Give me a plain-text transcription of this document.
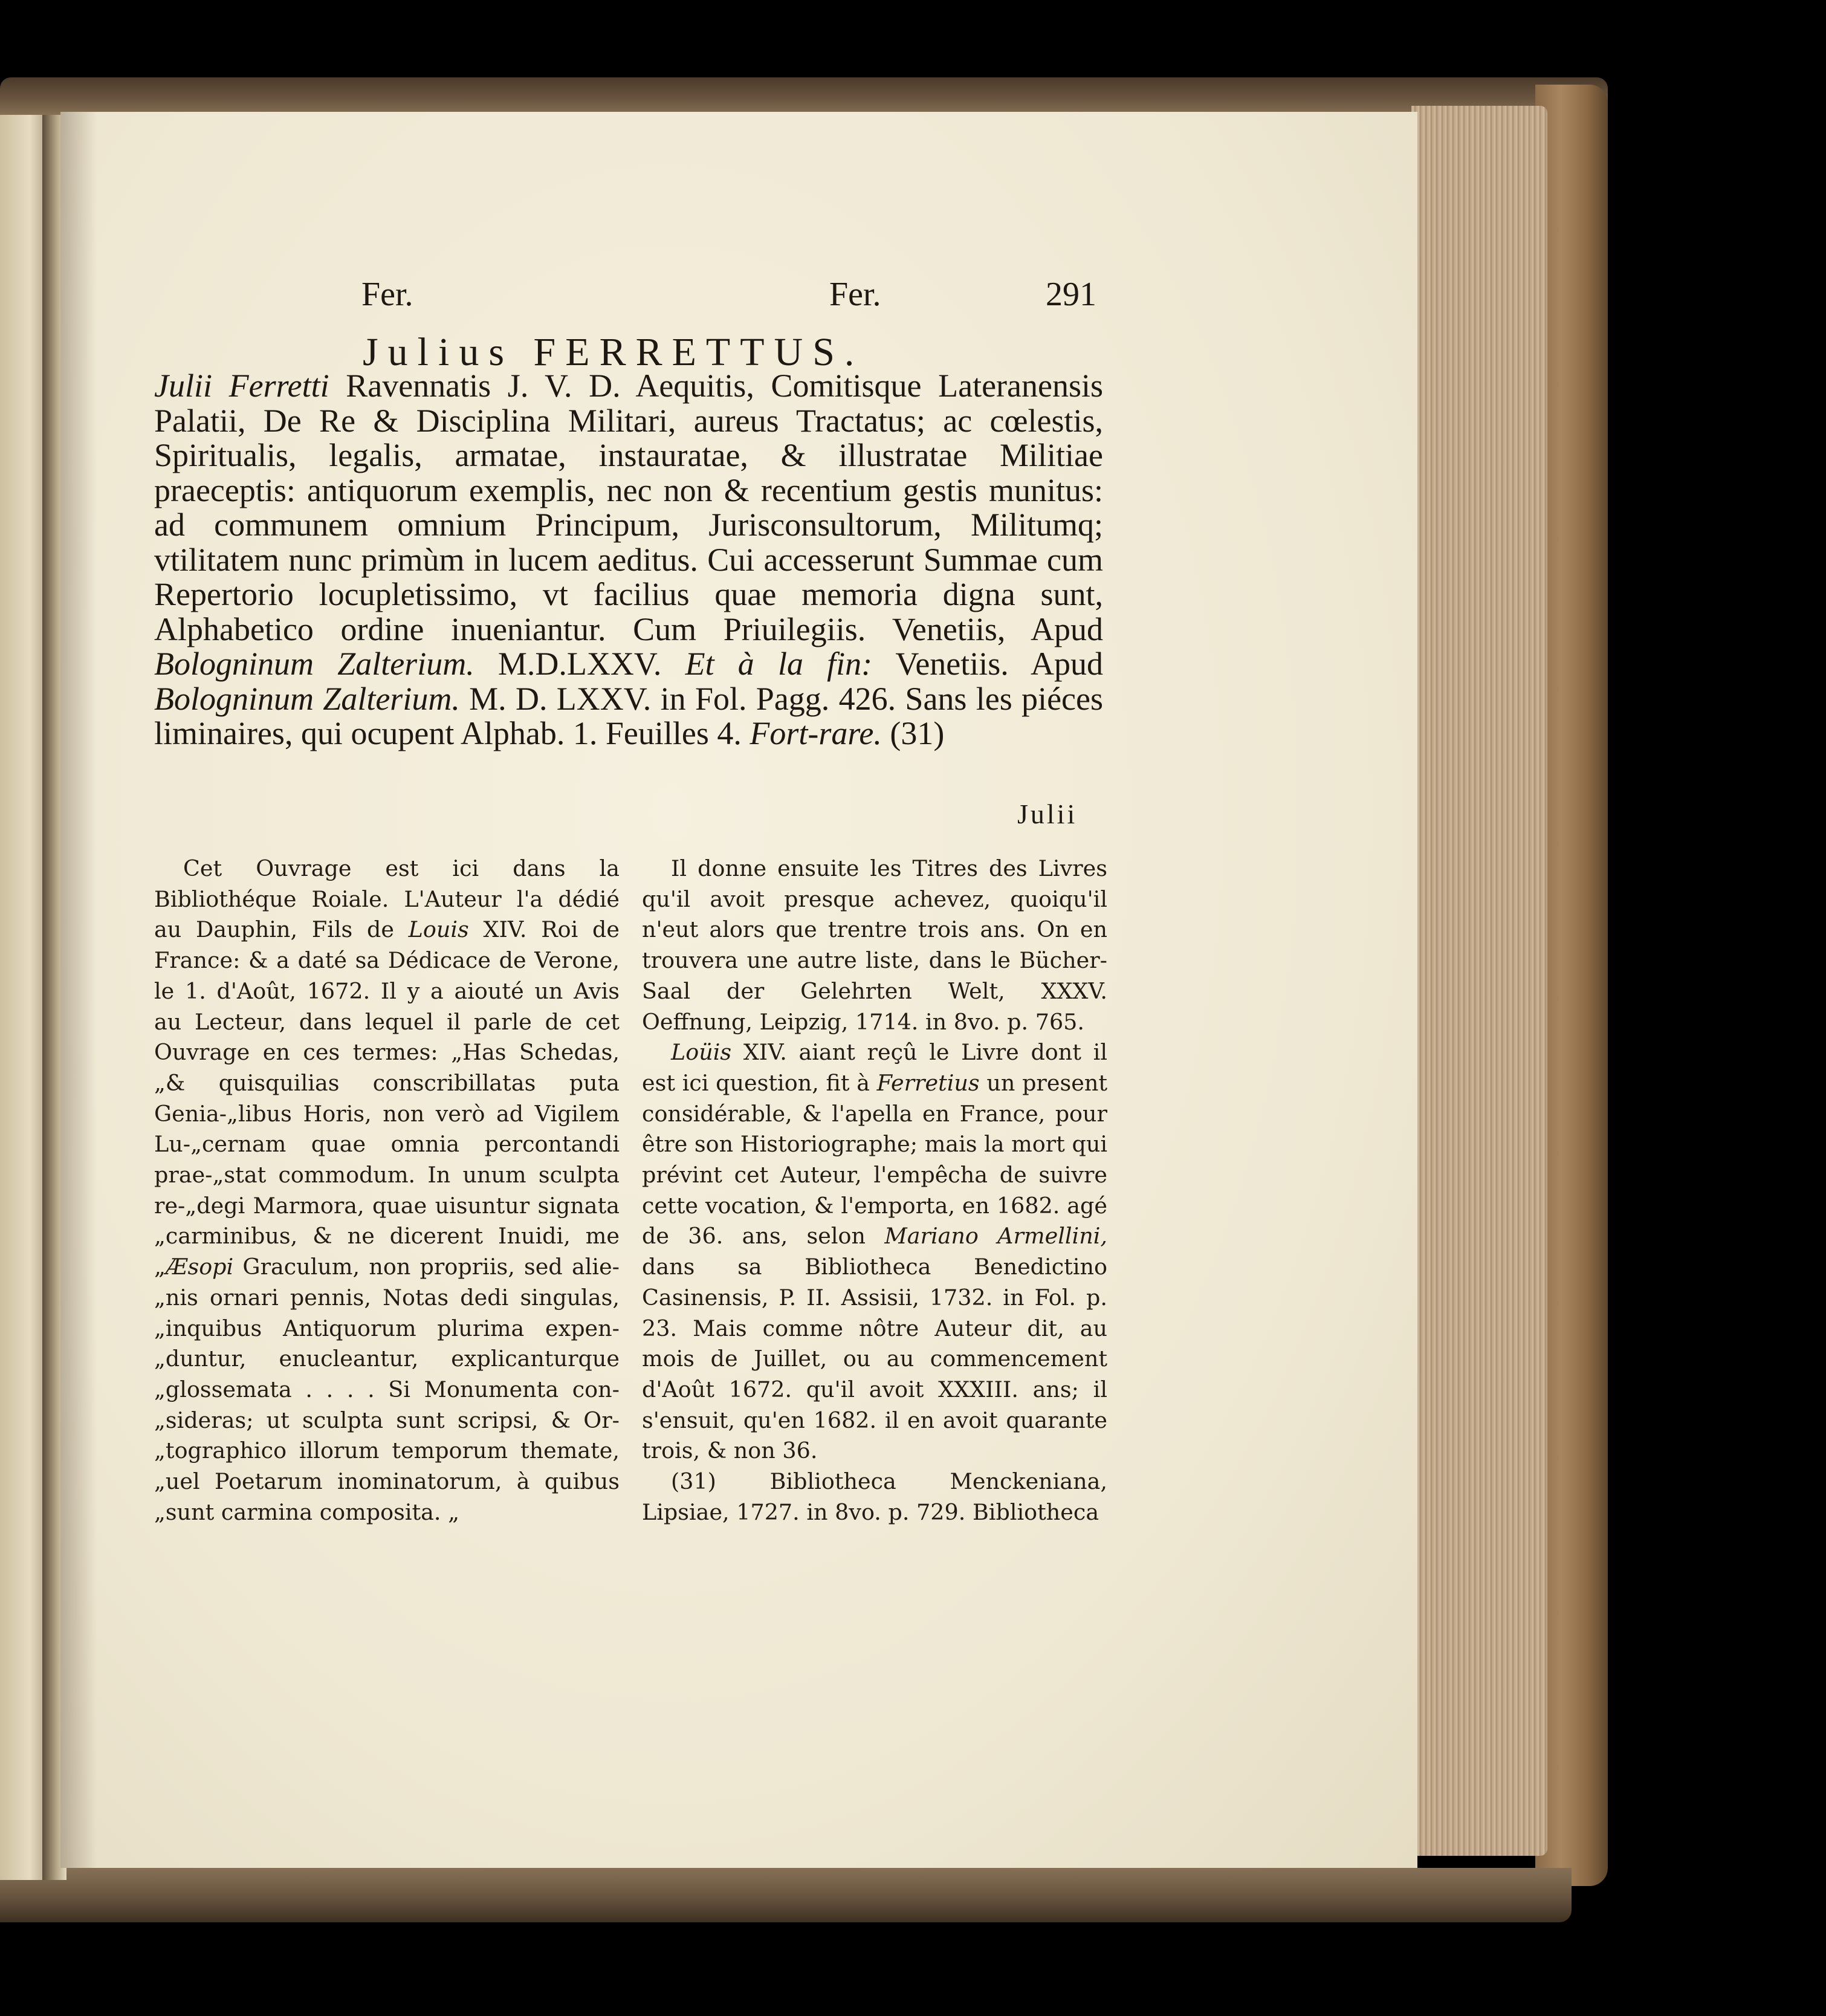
Fer.	Fer.	291
Julius FERRETTUS.
Julii Ferretti Ravennatis J. V. D. Aequitis, Comitisque Lateranensis Palatii, De Re & Disciplina Militari, aureus Tractatus; ac cœlestis, Spiritualis, legalis, armatae, instauratae, & illustratae Militiae praeceptis: antiquorum exemplis, nec non & recentium gestis munitus: ad communem omnium Principum, Jurisconsultorum, Militumq; vtilitatem nunc primùm in lucem aeditus. Cui accesserunt Summae cum Repertorio locupletissimo, vt facilius quae memoria digna sunt, Alphabetico ordine inueniantur. Cum Priuilegiis. Venetiis, Apud Bologninum Zalterium. M.D.LXXV. Et à la fin: Venetiis. Apud Bologninum Zalterium. M. D. LXXV. in Fol. Pagg. 426. Sans les piéces liminaires, qui ocupent Alphab. 1. Feuilles 4. Fort-rare. (31)
Julii

Cet Ouvrage est ici dans la Bibliothéque Roiale. L'Auteur l'a dédié au Dauphin, Fils de Louis XIV. Roi de France: & a daté sa Dédicace de Verone, le 1. d'Août, 1672. Il y a aiouté un Avis au Lecteur, dans lequel il parle de cet Ouvrage en ces termes: „Has Schedas, „& quisquilias conscribillatas puta Genia-„libus Horis, non verò ad Vigilem Lu-„cernam quae omnia percontandi prae-„stat commodum. In unum sculpta re-„degi Marmora, quae uisuntur signata „carminibus, & ne dicerent Inuidi, me „Æsopi Graculum, non propriis, sed alie-„nis ornari pennis, Notas dedi singulas, „inquibus Antiquorum plurima expen-„duntur, enucleantur, explicanturque „glossemata . . . . Si Monumenta con-„sideras; ut sculpta sunt scripsi, & Or-„tographico illorum temporum themate, „uel Poetarum inominatorum, à quibus „sunt carmina composita. „

Il donne ensuite les Titres des Livres qu'il avoit presque achevez, quoiqu'il n'eut alors que trentre trois ans. On en trouvera une autre liste, dans le Bücher-Saal der Gelehrten Welt, XXXV. Oeffnung, Leipzig, 1714. in 8vo. p. 765.

Loüis XIV. aiant reçû le Livre dont il est ici question, fit à Ferretius un present considérable, & l'apella en France, pour être son Historiographe; mais la mort qui prévint cet Auteur, l'empêcha de suivre cette vocation, & l'emporta, en 1682. agé de 36. ans, selon Mariano Armellini, dans sa Bibliotheca Benedictino Casinensis, P. II. Assisii, 1732. in Fol. p. 23. Mais comme nôtre Auteur dit, au mois de Juillet, ou au commencement d'Août 1672. qu'il avoit XXXIII. ans; il s'ensuit, qu'en 1682. il en avoit quarante trois, & non 36.

(31) Bibliotheca Menckeniana, Lipsiae, 1727. in 8vo. p. 729. Bibliotheca
